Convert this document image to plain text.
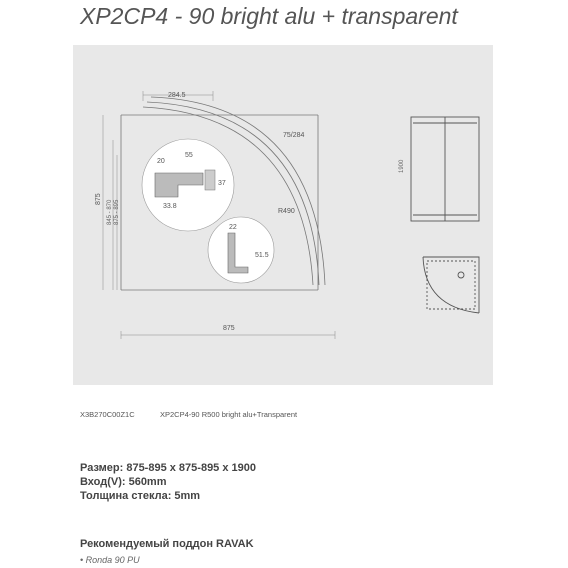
XP2CP4 - 90 bright alu + transparent
284.5
875
875
845 - 870 875 - 895
75/284
R490
20
55
37
33.8
22
51.5
1900
X3B270C00Z1C	XP2CP4-90 R500 bright alu+Transparent
Размер: 875-895 x 875-895 x 1900
Вход(V): 560mm
Толщина стекла: 5mm
Рекомендуемый поддон RAVAK
• Ronda 90 PU
